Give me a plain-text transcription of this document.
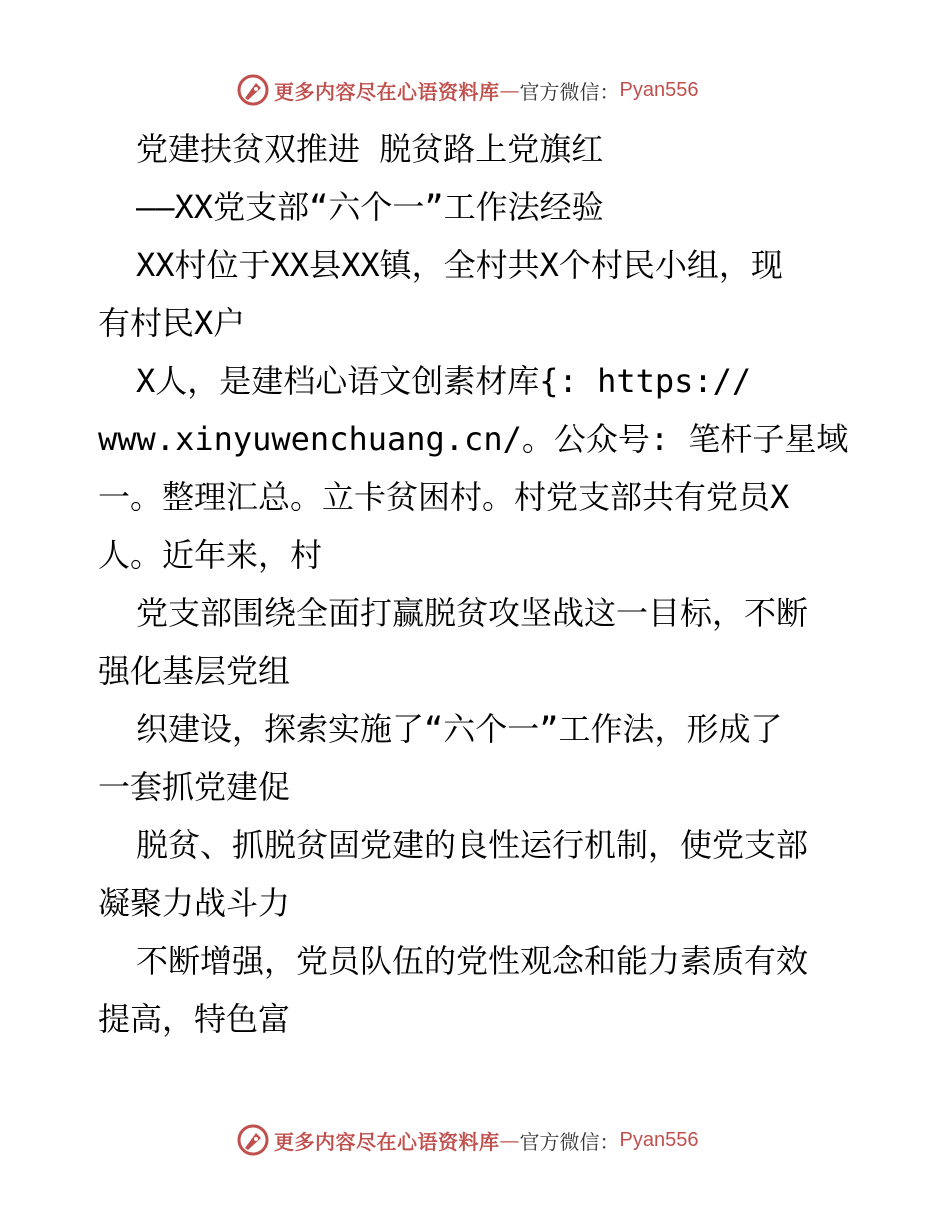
更多内容尽在心语资料库 — 官方微信： Pyan556
党建扶贫双推进 脱贫路上党旗红
——XX党支部“六个一”工作法经验
XX村位于XX县XX镇，全村共X个村民小组，现
有村民X户
X人，是建档心语文创素材库{: https://
www.xinyuwenchuang.cn/。公众号: 笔杆子星域
一。整理汇总。立卡贫困村。村党支部共有党员X
人。近年来，村
党支部围绕全面打赢脱贫攻坚战这一目标，不断
强化基层党组
织建设，探索实施了“六个一”工作法，形成了
一套抓党建促
脱贫、抓脱贫固党建的良性运行机制，使党支部
凝聚力战斗力
不断增强，党员队伍的党性观念和能力素质有效
提高，特色富
更多内容尽在心语资料库 — 官方微信： Pyan556
